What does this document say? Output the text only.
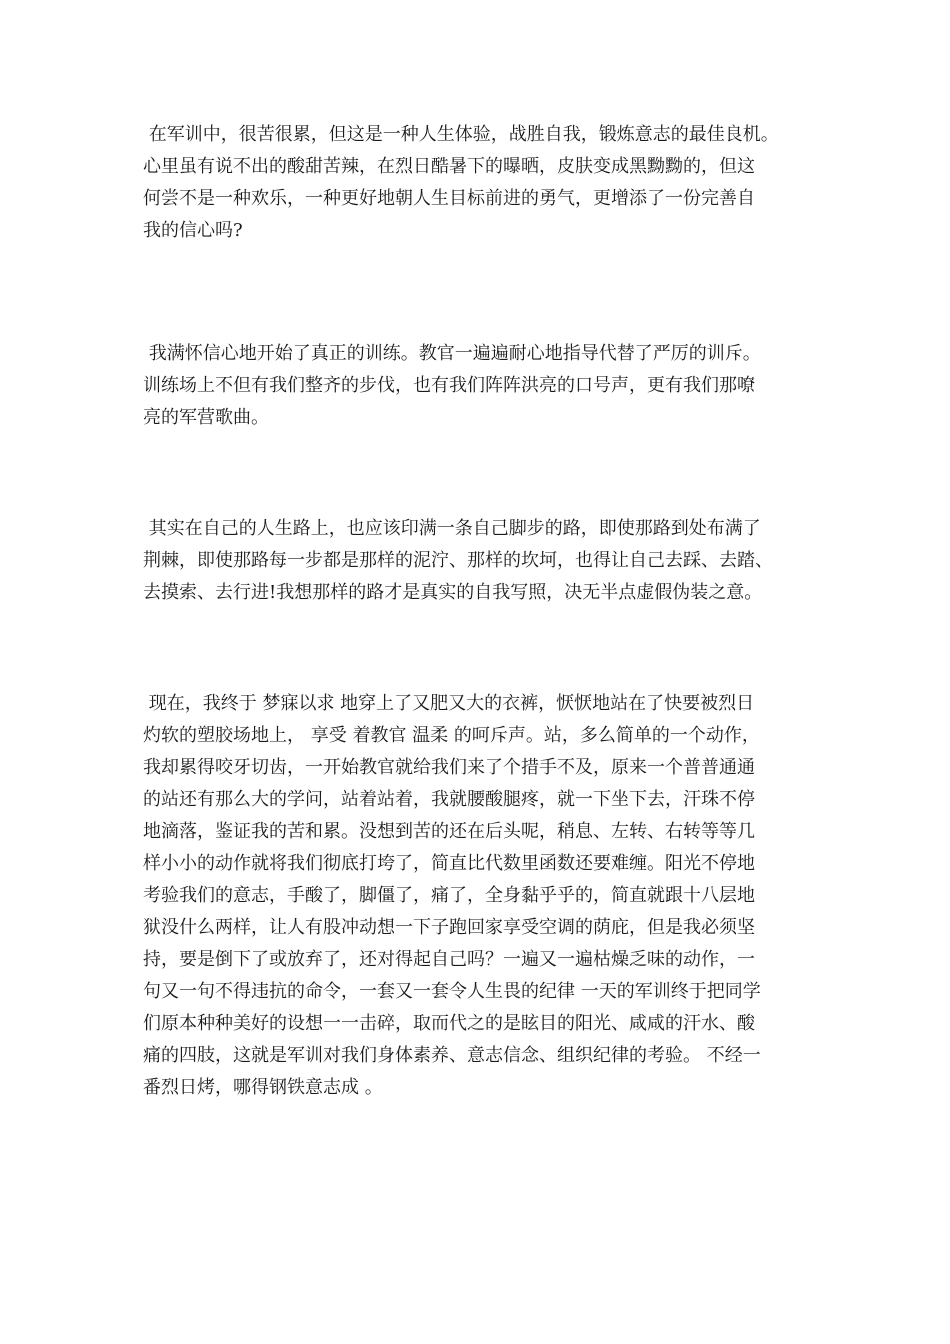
在军训中，很苦很累，但这是一种人生体验，战胜自我，锻炼意志的最佳良机。
心里虽有说不出的酸甜苦辣，在烈日酷暑下的曝晒，皮肤变成黑黝黝的，但这
何尝不是一种欢乐，一种更好地朝人生目标前进的勇气，更增添了一份完善自
我的信心吗?
我满怀信心地开始了真正的训练。教官一遍遍耐心地指导代替了严厉的训斥。
训练场上不但有我们整齐的步伐，也有我们阵阵洪亮的口号声，更有我们那嘹
亮的军营歌曲。
其实在自己的人生路上，也应该印满一条自己脚步的路，即使那路到处布满了
荆棘，即使那路每一步都是那样的泥泞、那样的坎坷，也得让自己去踩、去踏、
去摸索、去行进!我想那样的路才是真实的自我写照，决无半点虚假伪装之意。
现在，我终于 梦寐以求 地穿上了又肥又大的衣裤，恹恹地站在了快要被烈日
灼软的塑胶场地上， 享受 着教官 温柔 的呵斥声。站，多么简单的一个动作，
我却累得咬牙切齿，一开始教官就给我们来了个措手不及，原来一个普普通通
的站还有那么大的学问，站着站着，我就腰酸腿疼，就一下坐下去，汗珠不停
地滴落，鉴证我的苦和累。没想到苦的还在后头呢，稍息、左转、右转等等几
样小小的动作就将我们彻底打垮了，简直比代数里函数还要难缠。阳光不停地
考验我们的意志，手酸了，脚僵了，痛了，全身黏乎乎的，简直就跟十八层地
狱没什么两样，让人有股冲动想一下子跑回家享受空调的荫庇，但是我必须坚
持，要是倒下了或放弃了，还对得起自己吗？一遍又一遍枯燥乏味的动作，一
句又一句不得违抗的命令，一套又一套令人生畏的纪律 一天的军训终于把同学
们原本种种美好的设想一一击碎，取而代之的是眩目的阳光、咸咸的汗水、酸
痛的四肢，这就是军训对我们身体素养、意志信念、组织纪律的考验。 不经一
番烈日烤，哪得钢铁意志成 。
